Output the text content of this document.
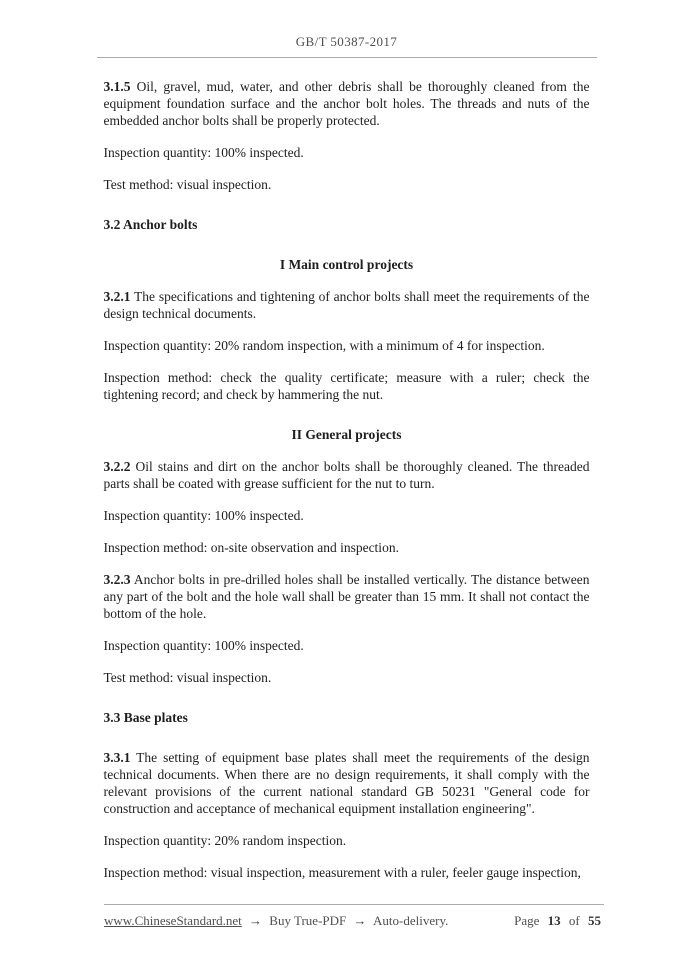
GB/T 50387-2017

3.1.5 Oil, gravel, mud, water, and other debris shall be thoroughly cleaned from the equipment foundation surface and the anchor bolt holes. The threads and nuts of the embedded anchor bolts shall be properly protected.

Inspection quantity: 100% inspected.

Test method: visual inspection.

3.2 Anchor bolts

I Main control projects

3.2.1 The specifications and tightening of anchor bolts shall meet the requirements of the design technical documents.

Inspection quantity: 20% random inspection, with a minimum of 4 for inspection.

Inspection method: check the quality certificate; measure with a ruler; check the tightening record; and check by hammering the nut.

II General projects

3.2.2 Oil stains and dirt on the anchor bolts shall be thoroughly cleaned. The threaded parts shall be coated with grease sufficient for the nut to turn.

Inspection quantity: 100% inspected.

Inspection method: on-site observation and inspection.

3.2.3 Anchor bolts in pre-drilled holes shall be installed vertically. The distance between any part of the bolt and the hole wall shall be greater than 15 mm. It shall not contact the bottom of the hole.

Inspection quantity: 100% inspected.

Test method: visual inspection.

3.3 Base plates

3.3.1 The setting of equipment base plates shall meet the requirements of the design technical documents. When there are no design requirements, it shall comply with the relevant provisions of the current national standard GB 50231 "General code for construction and acceptance of mechanical equipment installation engineering".

Inspection quantity: 20% random inspection.

Inspection method: visual inspection, measurement with a ruler, feeler gauge inspection,

www.ChineseStandard.net → Buy True-PDF → Auto-delivery.	Page 13 of 55
